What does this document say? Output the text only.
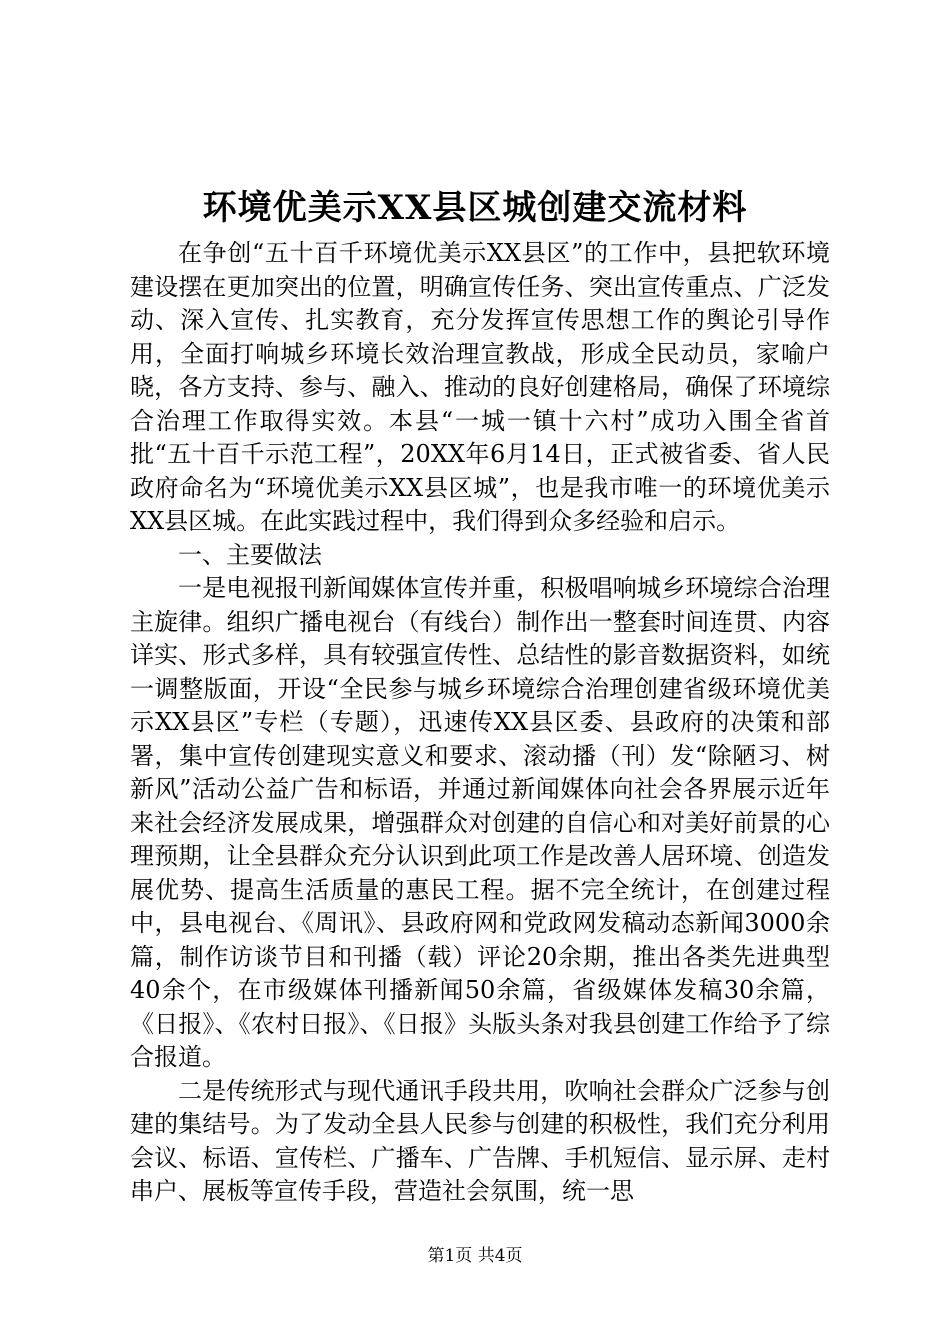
环境优美示XX县区城创建交流材料

在争创“五十百千环境优美示XX县区”的工作中，县把软环境建设摆在更加突出的位置，明确宣传任务、突出宣传重点、广泛发动、深入宣传、扎实教育，充分发挥宣传思想工作的舆论引导作用，全面打响城乡环境长效治理宣教战，形成全民动员，家喻户晓，各方支持、参与、融入、推动的良好创建格局，确保了环境综合治理工作取得实效。本县“一城一镇十六村”成功入围全省首批“五十百千示范工程”，20XX年6月14日，正式被省委、省人民政府命名为“环境优美示XX县区城”，也是我市唯一的环境优美示XX县区城。在此实践过程中，我们得到众多经验和启示。

一、主要做法

一是电视报刊新闻媒体宣传并重，积极唱响城乡环境综合治理主旋律。组织广播电视台（有线台）制作出一整套时间连贯、内容详实、形式多样，具有较强宣传性、总结性的影音数据资料，如统一调整版面，开设“全民参与城乡环境综合治理创建省级环境优美示XX县区”专栏（专题），迅速传XX县区委、县政府的决策和部署，集中宣传创建现实意义和要求、滚动播（刊）发“除陋习、树新风”活动公益广告和标语，并通过新闻媒体向社会各界展示近年来社会经济发展成果，增强群众对创建的自信心和对美好前景的心理预期，让全县群众充分认识到此项工作是改善人居环境、创造发展优势、提高生活质量的惠民工程。据不完全统计，在创建过程中，县电视台、《周讯》、县政府网和党政网发稿动态新闻3000余篇，制作访谈节目和刊播（载）评论20余期，推出各类先进典型40余个，在市级媒体刊播新闻50余篇，省级媒体发稿30余篇，《日报》、《农村日报》、《日报》头版头条对我县创建工作给予了综合报道。

二是传统形式与现代通讯手段共用，吹响社会群众广泛参与创建的集结号。为了发动全县人民参与创建的积极性，我们充分利用会议、标语、宣传栏、广播车、广告牌、手机短信、显示屏、走村串户、展板等宣传手段，营造社会氛围，统一思

第1页 共4页
